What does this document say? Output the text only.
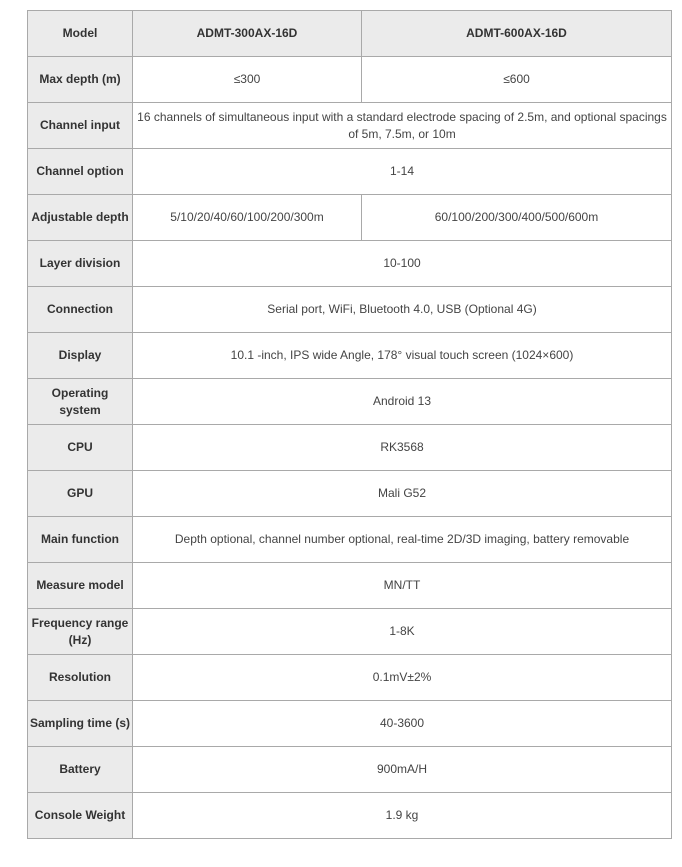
Model	ADMT-300AX-16D	ADMT-600AX-16D
Max depth (m)	≤300	≤600
Channel input	16 channels of simultaneous input with a standard electrode spacing of 2.5m, and optional spacings of 5m, 7.5m, or 10m	
Channel option	1-14	
Adjustable depth	5/10/20/40/60/100/200/300m	60/100/200/300/400/500/600m
Layer division	10-100	
Connection	Serial port, WiFi, Bluetooth 4.0, USB (Optional 4G)	
Display	10.1 -inch, IPS wide Angle, 178° visual touch screen (1024×600)	
Operating system	Android 13	
CPU	RK3568	
GPU	Mali G52	
Main function	Depth optional, channel number optional, real-time 2D/3D imaging, battery removable	
Measure model	MN/TT	
Frequency range (Hz)	1-8K	
Resolution	0.1mV±2%	
Sampling time (s)	40-3600	
Battery	900mA/H	
Console Weight	1.9 kg	
